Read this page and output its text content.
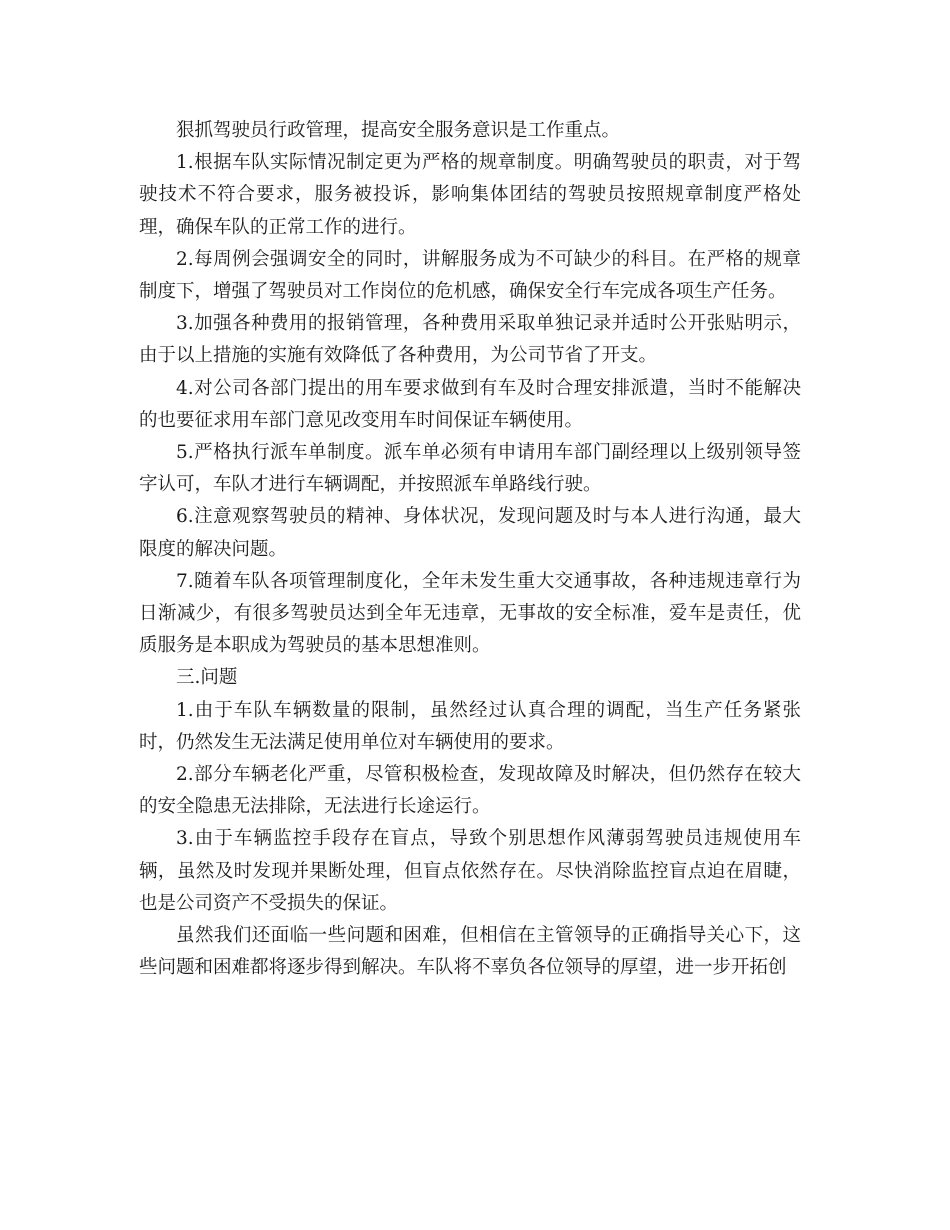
狠抓驾驶员行政管理，提高安全服务意识是工作重点。

1.根据车队实际情况制定更为严格的规章制度。明确驾驶员的职责，对于驾驶技术不符合要求，服务被投诉，影响集体团结的驾驶员按照规章制度严格处理，确保车队的正常工作的进行。

2.每周例会强调安全的同时，讲解服务成为不可缺少的科目。在严格的规章制度下，增强了驾驶员对工作岗位的危机感，确保安全行车完成各项生产任务。

3.加强各种费用的报销管理，各种费用采取单独记录并适时公开张贴明示，由于以上措施的实施有效降低了各种费用，为公司节省了开支。

4.对公司各部门提出的用车要求做到有车及时合理安排派遣，当时不能解决的也要征求用车部门意见改变用车时间保证车辆使用。

5.严格执行派车单制度。派车单必须有申请用车部门副经理以上级别领导签字认可，车队才进行车辆调配，并按照派车单路线行驶。

6.注意观察驾驶员的精神、身体状况，发现问题及时与本人进行沟通，最大限度的解决问题。

7.随着车队各项管理制度化，全年未发生重大交通事故，各种违规违章行为日渐减少，有很多驾驶员达到全年无违章，无事故的安全标准，爱车是责任，优质服务是本职成为驾驶员的基本思想准则。

三.问题

1.由于车队车辆数量的限制，虽然经过认真合理的调配，当生产任务紧张时，仍然发生无法满足使用单位对车辆使用的要求。

2.部分车辆老化严重，尽管积极检查，发现故障及时解决，但仍然存在较大的安全隐患无法排除，无法进行长途运行。

3.由于车辆监控手段存在盲点，导致个别思想作风薄弱驾驶员违规使用车辆，虽然及时发现并果断处理，但盲点依然存在。尽快消除监控盲点迫在眉睫，也是公司资产不受损失的保证。

虽然我们还面临一些问题和困难，但相信在主管领导的正确指导关心下，这些问题和困难都将逐步得到解决。车队将不辜负各位领导的厚望，进一步开拓创
